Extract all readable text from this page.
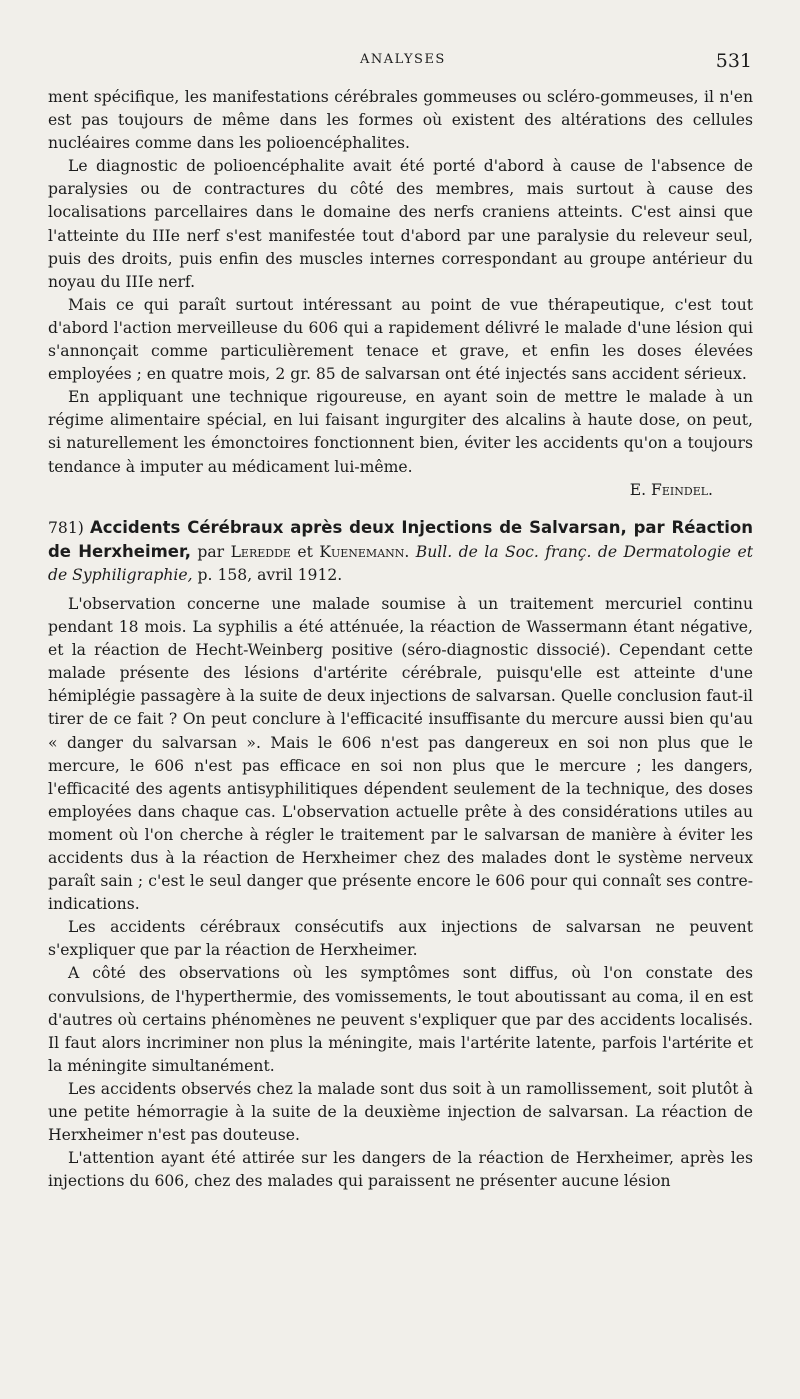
ANALYSES	531

ment spécifique, les manifestations cérébrales gommeuses ou scléro-gommeuses, il n'en est pas toujours de même dans les formes où existent des altérations des cellules nucléaires comme dans les polioencéphalites.

Le diagnostic de polioencéphalite avait été porté d'abord à cause de l'absence de paralysies ou de contractures du côté des membres, mais surtout à cause des localisations parcellaires dans le domaine des nerfs craniens atteints. C'est ainsi que l'atteinte du IIIe nerf s'est manifestée tout d'abord par une paralysie du releveur seul, puis des droits, puis enfin des muscles internes correspondant au groupe antérieur du noyau du IIIe nerf.

Mais ce qui paraît surtout intéressant au point de vue thérapeutique, c'est tout d'abord l'action merveilleuse du 606 qui a rapidement délivré le malade d'une lésion qui s'annonçait comme particulièrement tenace et grave, et enfin les doses élevées employées ; en quatre mois, 2 gr. 85 de salvarsan ont été injectés sans accident sérieux.

En appliquant une technique rigoureuse, en ayant soin de mettre le malade à un régime alimentaire spécial, en lui faisant ingurgiter des alcalins à haute dose, on peut, si naturellement les émonctoires fonctionnent bien, éviter les accidents qu'on a toujours tendance à imputer au médicament lui-même.

E. Feindel.

781) Accidents Cérébraux après deux Injections de Salvarsan, par Réaction de Herxheimer, par Leredde et Kuenemann. Bull. de la Soc. franç. de Dermatologie et de Syphiligraphie, p. 158, avril 1912.

L'observation concerne une malade soumise à un traitement mercuriel continu pendant 18 mois. La syphilis a été atténuée, la réaction de Wassermann étant négative, et la réaction de Hecht-Weinberg positive (séro-diagnostic dissocié). Cependant cette malade présente des lésions d'artérite cérébrale, puisqu'elle est atteinte d'une hémiplégie passagère à la suite de deux injections de salvarsan. Quelle conclusion faut-il tirer de ce fait ? On peut conclure à l'efficacité insuffisante du mercure aussi bien qu'au « danger du salvarsan ». Mais le 606 n'est pas dangereux en soi non plus que le mercure, le 606 n'est pas efficace en soi non plus que le mercure ; les dangers, l'efficacité des agents antisyphilitiques dépendent seulement de la technique, des doses employées dans chaque cas. L'observation actuelle prête à des considérations utiles au moment où l'on cherche à régler le traitement par le salvarsan de manière à éviter les accidents dus à la réaction de Herxheimer chez des malades dont le système nerveux paraît sain ; c'est le seul danger que présente encore le 606 pour qui connaît ses contre-indications.

Les accidents cérébraux consécutifs aux injections de salvarsan ne peuvent s'expliquer que par la réaction de Herxheimer.

A côté des observations où les symptômes sont diffus, où l'on constate des convulsions, de l'hyperthermie, des vomissements, le tout aboutissant au coma, il en est d'autres où certains phénomènes ne peuvent s'expliquer que par des accidents localisés. Il faut alors incriminer non plus la méningite, mais l'artérite latente, parfois l'artérite et la méningite simultanément.

Les accidents observés chez la malade sont dus soit à un ramollissement, soit plutôt à une petite hémorragie à la suite de la deuxième injection de salvarsan. La réaction de Herxheimer n'est pas douteuse.

L'attention ayant été attirée sur les dangers de la réaction de Herxheimer, après les injections du 606, chez des malades qui paraissent ne présenter aucune lésion
